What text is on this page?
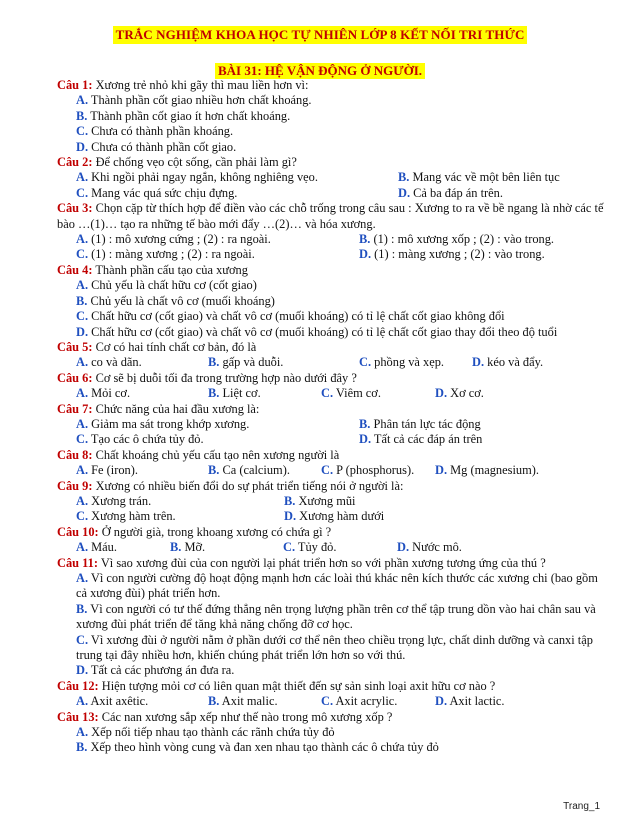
TRẮC NGHIỆM KHOA HỌC TỰ NHIÊN LỚP 8 KẾT NỐI TRI THỨC
BÀI 31: HỆ VẬN ĐỘNG Ở NGƯỜI.
Câu 1: Xương trẻ nhỏ khi gãy thì mau liền hơn vì:
A. Thành phần cốt giao nhiều hơn chất khoáng.
B. Thành phần cốt giao ít hơn chất khoáng.
C. Chưa có thành phần khoáng.
D. Chưa có thành phần cốt giao.
Câu 2: Để chống vẹo cột sống, cần phải làm gì?
A. Khi ngồi phải ngay ngắn, không nghiêng vẹo.	B. Mang vác về một bên liên tục
C. Mang vác quá sức chịu đựng.	D. Cả ba đáp án trên.
Câu 3: Chọn cặp từ thích hợp để điền vào các chỗ trống trong câu sau : Xương to ra về bề ngang là nhờ các tế bào …(1)… tạo ra những tế bào mới đẩy …(2)… và hóa xương.
A. (1) : mô xương cứng ; (2) : ra ngoài.	B. (1) : mô xương xốp ; (2) : vào trong.
C. (1) : màng xương ; (2) : ra ngoài.	D. (1) : màng xương ; (2) : vào trong.
Câu 4: Thành phần cấu tạo của xương
A. Chủ yếu là chất hữu cơ (cốt giao)
B. Chủ yếu là chất vô cơ (muối khoáng)
C. Chất hữu cơ (cốt giao) và chất vô cơ (muối khoáng) có tỉ lệ chất cốt giao không đổi
D. Chất hữu cơ (cốt giao) và chất vô cơ (muối khoáng) có tỉ lệ chất cốt giao thay đổi theo độ tuổi
Câu 5: Cơ có hai tính chất cơ bản, đó là
A. co và dãn.	B. gấp và duỗi.	C. phồng và xẹp.	D. kéo và đẩy.
Câu 6: Cơ sẽ bị duỗi tối đa trong trường hợp nào dưới đây ?
A. Mỏi cơ.	B. Liệt cơ.	C. Viêm cơ.	D. Xơ cơ.
Câu 7: Chức năng của hai đầu xương là:
A. Giảm ma sát trong khớp xương.	B. Phân tán lực tác động
C. Tạo các ô chứa tủy đỏ.	D. Tất cả các đáp án trên
Câu 8: Chất khoáng chủ yếu cấu tạo nên xương người là
A. Fe (iron).	B. Ca (calcium).	C. P (phosphorus).	D. Mg (magnesium).
Câu 9: Xương có nhiều biến đổi do sự phát triển tiếng nói ở người là:
A. Xương trán.	B. Xương mũi
C. Xương hàm trên.	D. Xương hàm dưới
Câu 10: Ở người già, trong khoang xương có chứa gì ?
A. Máu.	B. Mỡ.	C. Tủy đỏ.	D. Nước mô.
Câu 11: Vì sao xương đùi của con người lại phát triển hơn so với phần xương tương ứng của thú ?
A. Vì con người cường độ hoạt động mạnh hơn các loài thú khác nên kích thước các xương chi (bao gồm cả xương đùi) phát triển hơn.
B. Vì con người có tư thế đứng thẳng nên trọng lượng phần trên cơ thể tập trung dồn vào hai chân sau và xương đùi phát triển để tăng khả năng chống đỡ cơ học.
C. Vì xương đùi ở người nằm ở phần dưới cơ thể nên theo chiều trọng lực, chất dinh dưỡng và canxi tập trung tại đây nhiều hơn, khiến chúng phát triển lớn hơn so với thú.
D. Tất cả các phương án đưa ra.
Câu 12: Hiện tượng mỏi cơ có liên quan mật thiết đến sự sản sinh loại axit hữu cơ nào ?
A. Axit axêtic.	B. Axit malic.	C. Axit acrylic.	D. Axit lactic.
Câu 13: Các nan xương sắp xếp như thế nào trong mô xương xốp ?
A. Xếp nối tiếp nhau tạo thành các rãnh chứa tủy đỏ
B. Xếp theo hình vòng cung và đan xen nhau tạo thành các ô chứa tủy đỏ
Trang_1
